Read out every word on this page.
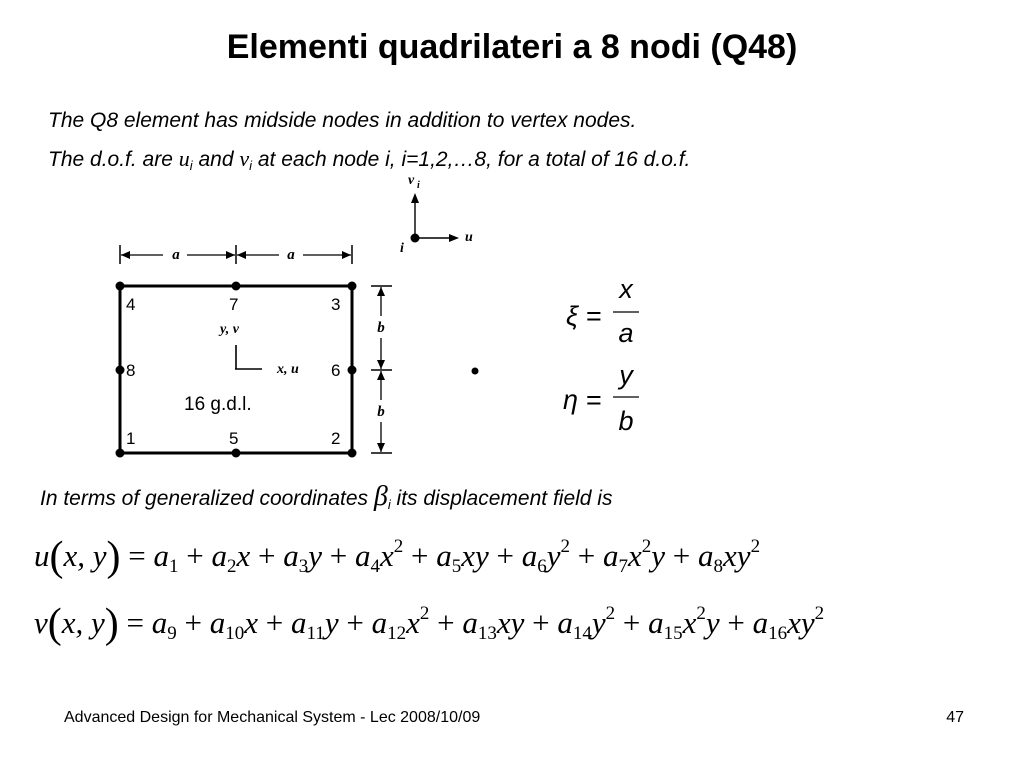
Elementi quadrilateri a 8 nodi (Q48)
The Q8 element has midside nodes in addition to vertex nodes.
The d.o.f. are $u_i$ and $v_i$ at each node i, i=1,2,…8, for a total of 16 d.o.f.
a	a
b
b
1	2
3
4
5
6
7
8
y, v
x, u
16 g.d.l.
v i
u
i
ξ =
x
a
η =
y
b
In terms of generalized coordinates βi its displacement field is
u(x, $y) = a_1 + a_2x + a_3y + a_4x^2 + a_5xy + a_6y^2 + a_7x^2y + a_8xy^2$
v(x, $y) = a_9 + a_{10}x + a_{11}y + a_{12}x^2 + a_{13}xy + a_{14}y^2 + a_{15}x^2y + a_{16}xy^2$
Advanced Design for Mechanical System - Lec 2008/10/09	47
